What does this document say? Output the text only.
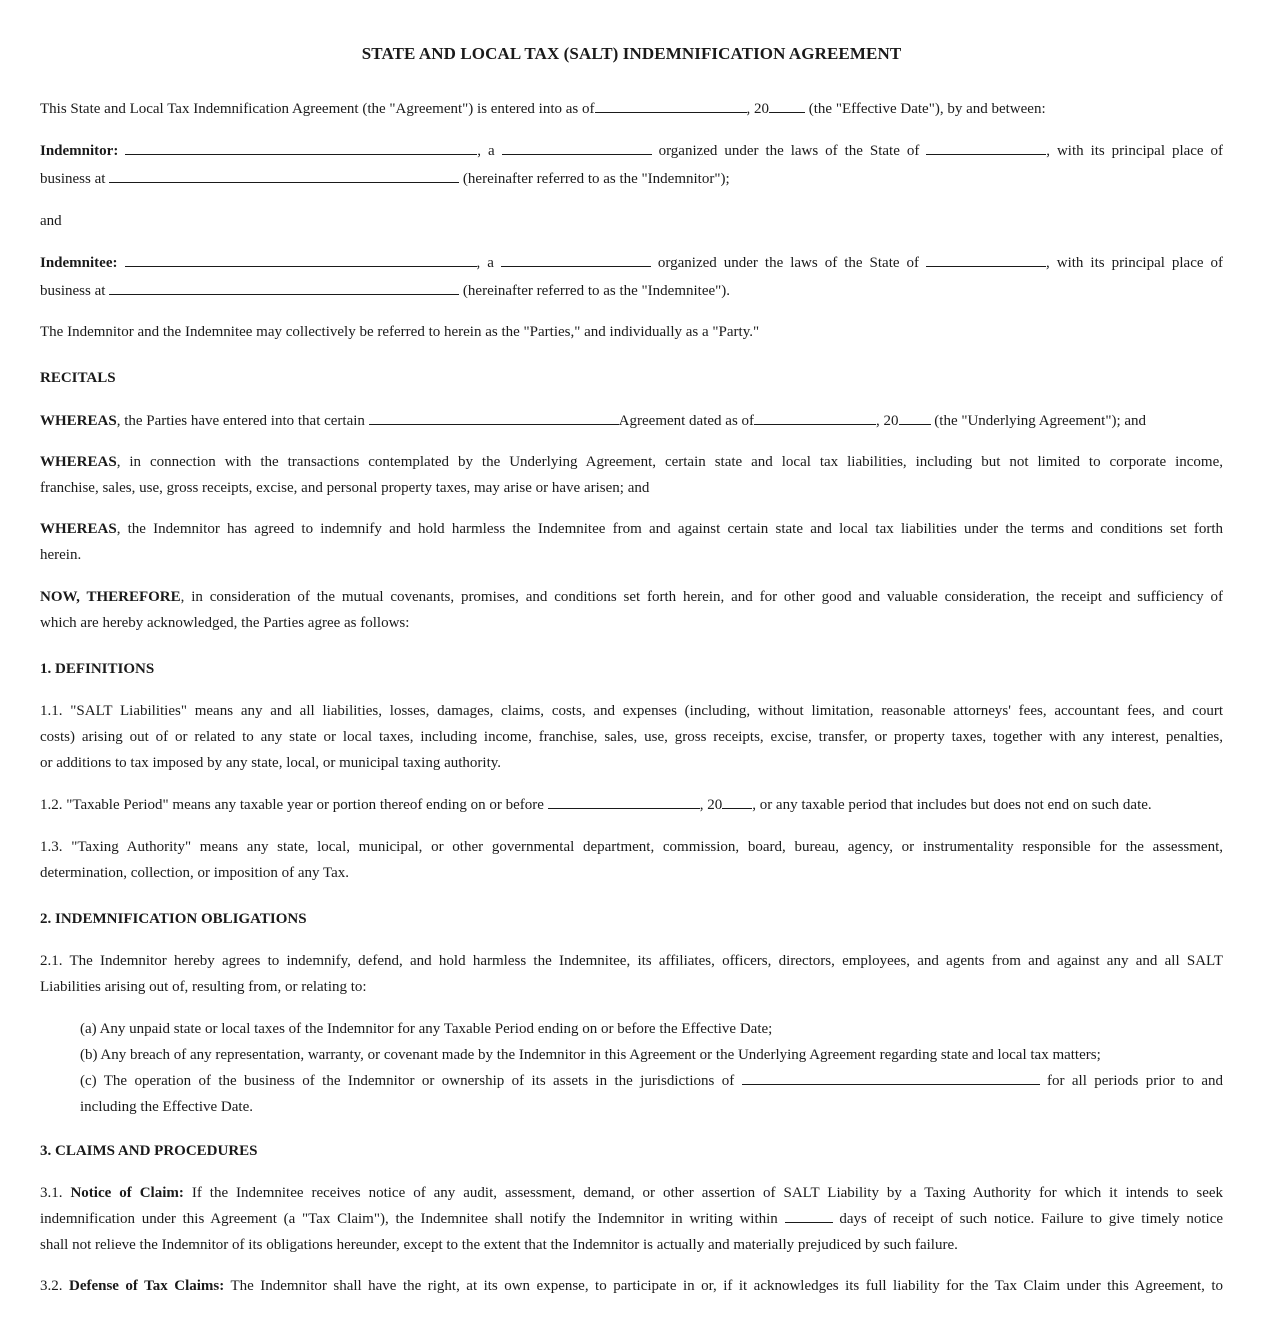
STATE AND LOCAL TAX (SALT) INDEMNIFICATION AGREEMENT

This State and Local Tax Indemnification Agreement (the "Agreement") is entered into as of	, 20	(the "Effective Date"), by and between:

Indemnitor:	, a	organized under the laws of the State of	, with its principal place of

business at	(hereinafter referred to as the "Indemnitor");

and

Indemnitee:	, a	organized under the laws of the State of	, with its principal place of

business at	(hereinafter referred to as the "Indemnitee").

The Indemnitor and the Indemnitee may collectively be referred to herein as the "Parties," and individually as a "Party."

RECITALS

WHEREAS, the Parties have entered into that certain	Agreement dated as of	, 20 (the "Underlying Agreement"); and

WHEREAS, in connection with the transactions contemplated by the Underlying Agreement, certain state and local tax liabilities, including but not limited to corporate income,

franchise, sales, use, gross receipts, excise, and personal property taxes, may arise or have arisen; and

WHEREAS, the Indemnitor has agreed to indemnify and hold harmless the Indemnitee from and against certain state and local tax liabilities under the terms and conditions set forth

herein.

NOW, THEREFORE, in consideration of the mutual covenants, promises, and conditions set forth herein, and for other good and valuable consideration, the receipt and sufficiency of

which are hereby acknowledged, the Parties agree as follows:

1. DEFINITIONS

1.1. "SALT Liabilities" means any and all liabilities, losses, damages, claims, costs, and expenses (including, without limitation, reasonable attorneys' fees, accountant fees, and court

costs) arising out of or related to any state or local taxes, including income, franchise, sales, use, gross receipts, excise, transfer, or property taxes, together with any interest, penalties,

or additions to tax imposed by any state, local, or municipal taxing authority.

1.2. "Taxable Period" means any taxable year or portion thereof ending on or before	, 20 , or any taxable period that includes but does not end on such date.

1.3. "Taxing Authority" means any state, local, municipal, or other governmental department, commission, board, bureau, agency, or instrumentality responsible for the assessment,

determination, collection, or imposition of any Tax.

2. INDEMNIFICATION OBLIGATIONS

2.1. The Indemnitor hereby agrees to indemnify, defend, and hold harmless the Indemnitee, its affiliates, officers, directors, employees, and agents from and against any and all SALT

Liabilities arising out of, resulting from, or relating to:

(a) Any unpaid state or local taxes of the Indemnitor for any Taxable Period ending on or before the Effective Date;

(b) Any breach of any representation, warranty, or covenant made by the Indemnitor in this Agreement or the Underlying Agreement regarding state and local tax matters;

(c) The operation of the business of the Indemnitor or ownership of its assets in the jurisdictions of	for all periods prior to and

including the Effective Date.

3. CLAIMS AND PROCEDURES

3.1. Notice of Claim: If the Indemnitee receives notice of any audit, assessment, demand, or other assertion of SALT Liability by a Taxing Authority for which it intends to seek

indemnification under this Agreement (a "Tax Claim"), the Indemnitee shall notify the Indemnitor in writing within	days of receipt of such notice. Failure to give timely notice

shall not relieve the Indemnitor of its obligations hereunder, except to the extent that the Indemnitor is actually and materially prejudiced by such failure.

3.2. Defense of Tax Claims: The Indemnitor shall have the right, at its own expense, to participate in or, if it acknowledges its full liability for the Tax Claim under this Agreement, to
